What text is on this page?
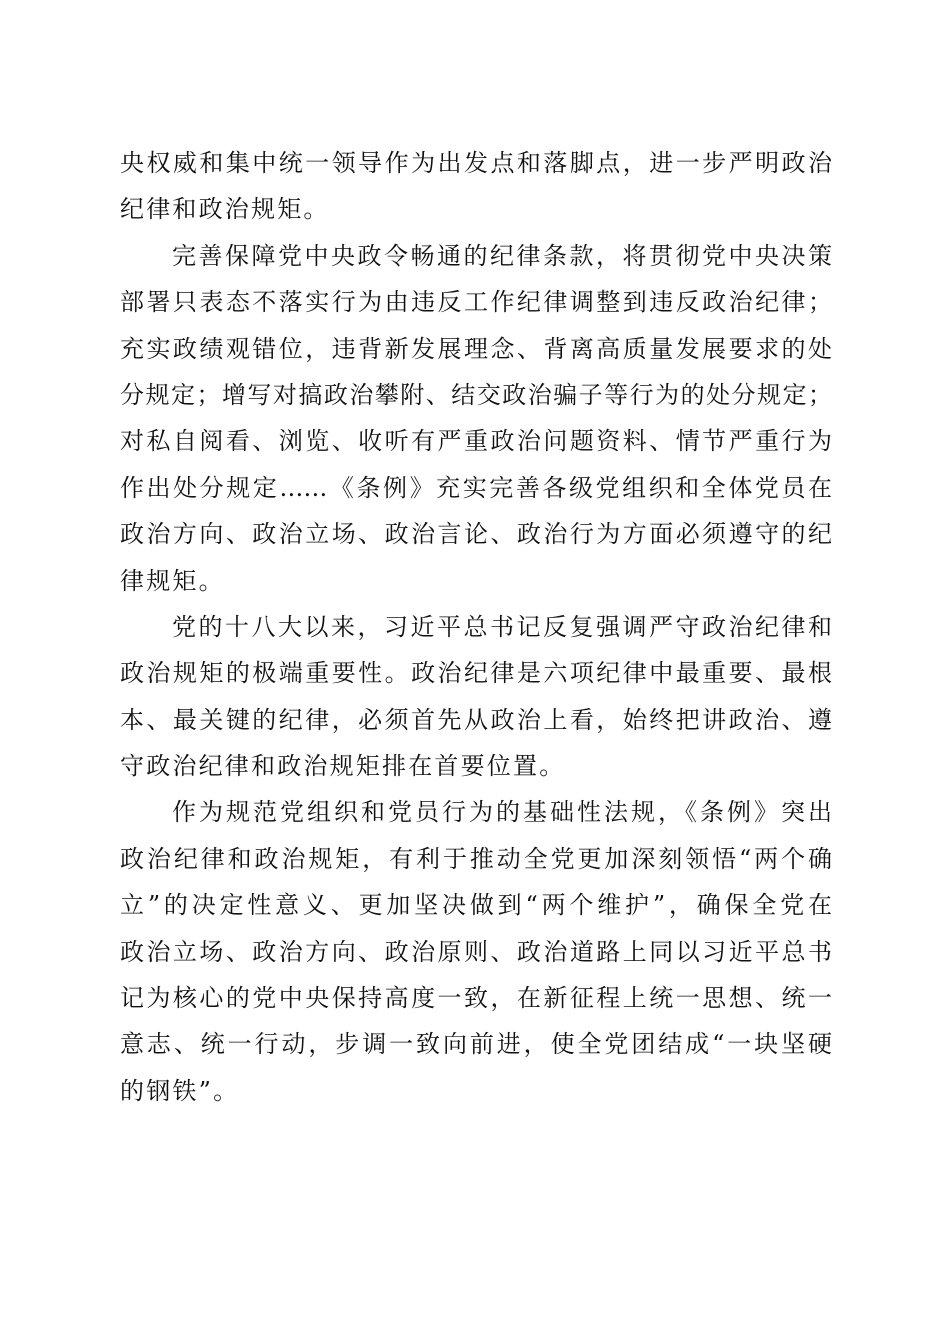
央权威和集中统一领导作为出发点和落脚点，进一步严明政治
纪律和政治规矩。
完善保障党中央政令畅通的纪律条款，将贯彻党中央决策
部署只表态不落实行为由违反工作纪律调整到违反政治纪律；
充实政绩观错位，违背新发展理念、背离高质量发展要求的处
分规定；增写对搞政治攀附、结交政治骗子等行为的处分规定；
对私自阅看、浏览、收听有严重政治问题资料、情节严重行为
作出处分规定……《条例》充实完善各级党组织和全体党员在
政治方向、政治立场、政治言论、政治行为方面必须遵守的纪
律规矩。
党的十八大以来，习近平总书记反复强调严守政治纪律和
政治规矩的极端重要性。政治纪律是六项纪律中最重要、最根
本、最关键的纪律，必须首先从政治上看，始终把讲政治、遵
守政治纪律和政治规矩排在首要位置。
作为规范党组织和党员行为的基础性法规，《条例》突出
政治纪律和政治规矩，有利于推动全党更加深刻领悟“两个确
立”的决定性意义、更加坚决做到“两个维护”，确保全党在
政治立场、政治方向、政治原则、政治道路上同以习近平总书
记为核心的党中央保持高度一致，在新征程上统一思想、统一
意志、统一行动，步调一致向前进，使全党团结成“一块坚硬
的钢铁”。
